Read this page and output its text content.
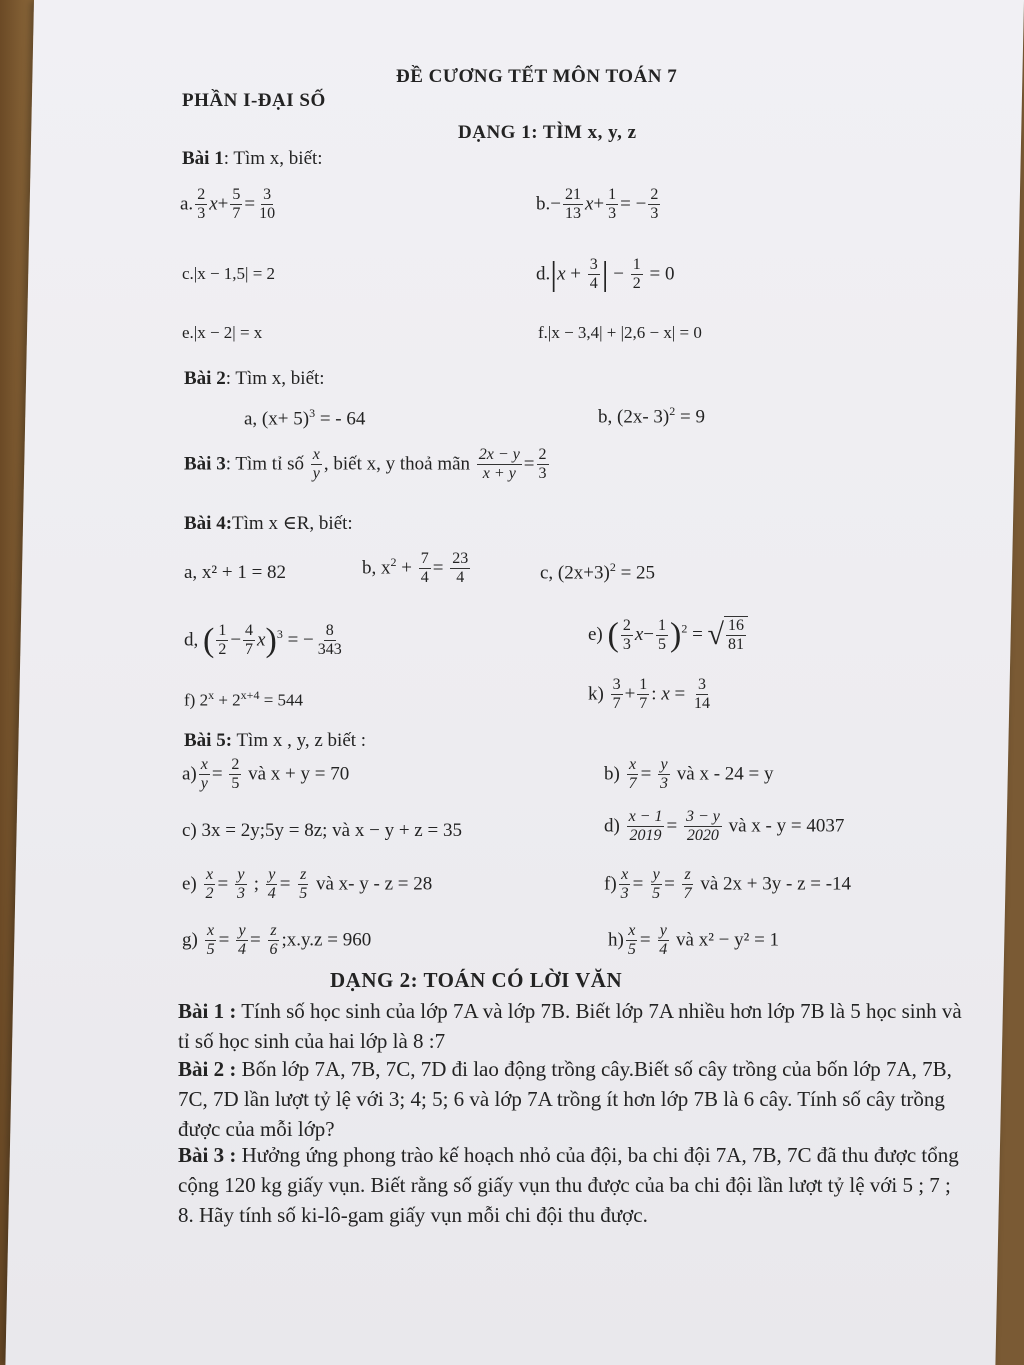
ĐỀ CƯƠNG TẾT MÔN TOÁN 7
PHẦN I-ĐẠI SỐ
DẠNG 1: TÌM x, y, z
Bài 1: Tìm x, biết:
a. $\frac{2}{3} x+ \frac{5}{7} = \frac{3}{10}$	$b.- \frac{21}{13} x+ \frac{1}{3}$ = − $\frac{2}{3}$
c.|x − 1,5| = 2	$d.|x + \frac{3}{4}$ | − $\frac{1}{2} = 0$
e.|x − 2| = x	f.|x − 3,4| + |2,6 − x| = 0
Bài 2: Tìm x, biết:
a, $(x+ 5)^3$ = - 64	b, (2x- 3)$^2$ = 9
Bài 3: Tìm tỉ số $\frac{x}{y}$ , biết x, y thoả mãn $\frac{2x - y}{x + y} = \frac{2}{3}$
Bài 4:Tìm x ∈R, biết:
a, x² + 1 = 82	b, $x^2 + \frac{7}{4} = \frac{23}{4}$	c, $(2x+3)^2 = 25$
d, ( $\frac{1}{2} - \frac{4}{7} x)^3$ = − $\frac{8}{343}$	e) ( $\frac{2}{3} x- \frac{1}{5} )^2$ = √ $\frac{16}{81}$
f) $2^x + 2^{x+4} = 544$	$k) \frac{3}{7} + \frac{1}{7}$ : $x = \frac{3}{14}$
Bài 5: Tìm x , y, z biết :
$a) \frac{x}{y} = \frac{2}{5}$ và x + y = 70	$b) \frac{x}{7} = \frac{y}{3}$ và x - 24 = y
c) 3x = 2y;5y = 8z; và x − y + z = 35	$d) \frac{x - 1}{2019} = \frac{3 - y}{2020}$ và x - y = 4037
$e) \frac{x}{2} = \frac{y}{3}$ ; $\frac{y}{4} = \frac{z}{5}$ và x- y - z = 28	$f) \frac{x}{3} = \frac{y}{5} = \frac{z}{7}$ và 2x + 3y - z = -14
$g) \frac{x}{5} = \frac{y}{4} = \frac{z}{6}$ ;x.y.z = 960	$h) \frac{x}{5} = \frac{y}{4}$ và x² − y² = 1
DẠNG 2: TOÁN CÓ LỜI VĂN
Bài 1 : Tính số học sinh của lớp 7A và lớp 7B. Biết lớp 7A nhiều hơn lớp 7B là 5 học sinh và tỉ số học sinh của hai lớp là 8 :7
Bài 2 : Bốn lớp 7A, 7B, 7C, 7D đi lao động trồng cây.Biết số cây trồng của bốn lớp 7A, 7B, 7C, 7D lần lượt tỷ lệ với 3; 4; 5; 6 và lớp 7A trồng ít hơn lớp 7B là 6 cây. Tính số cây trồng được của mỗi lớp?
Bài 3 : Hưởng ứng phong trào kế hoạch nhỏ của đội, ba chi đội 7A, 7B, 7C đã thu được tổng cộng 120 kg giấy vụn. Biết rằng số giấy vụn thu được của ba chi đội lần lượt tỷ lệ với 5 ; 7 ; 8. Hãy tính số ki-lô-gam giấy vụn mỗi chi đội thu được.
